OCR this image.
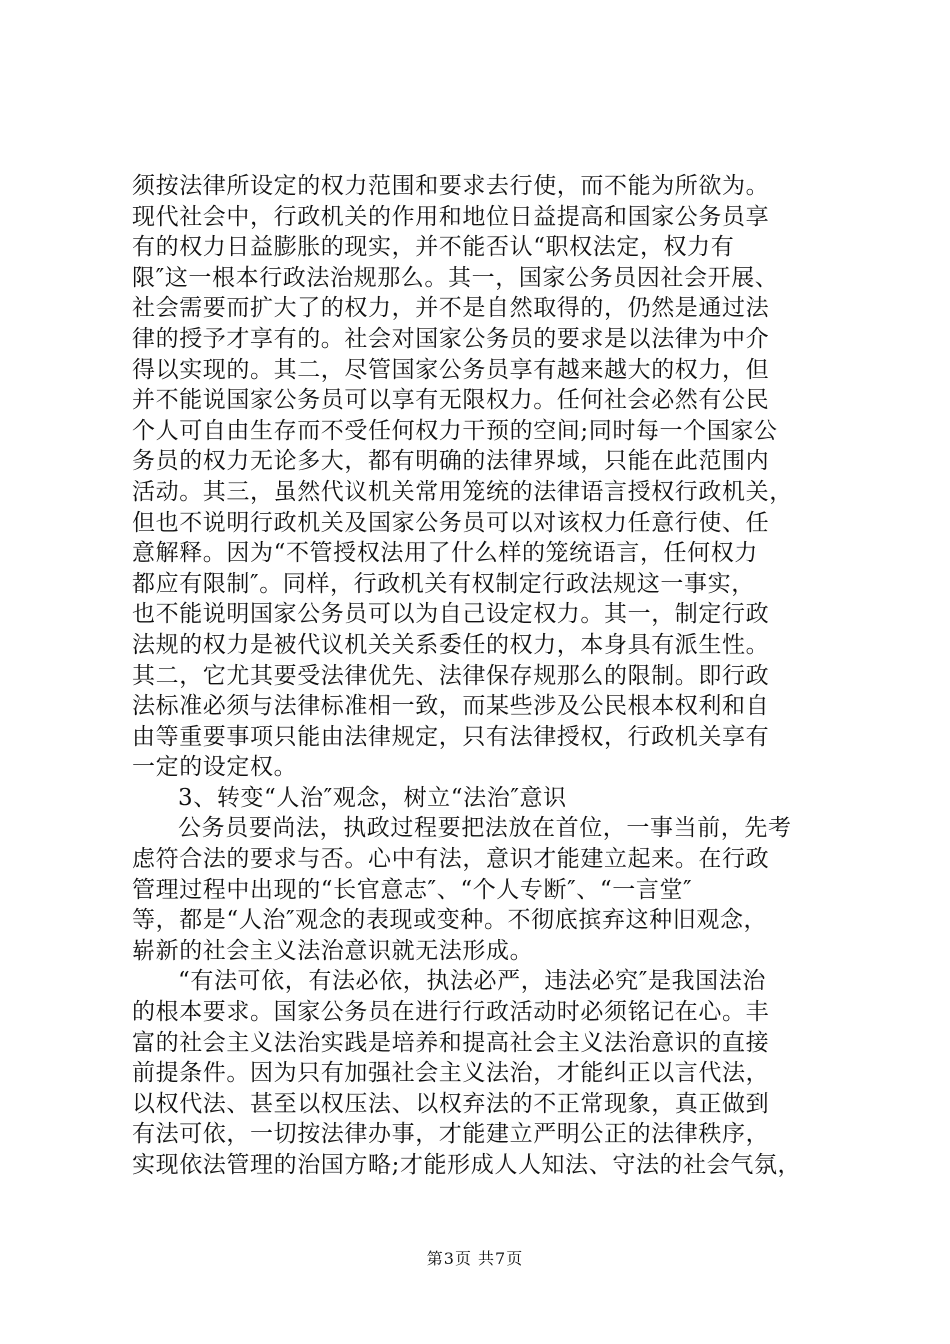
须按法律所设定的权力范围和要求去行使，而不能为所欲为。
现代社会中，行政机关的作用和地位日益提高和国家公务员享
有的权力日益膨胀的现实，并不能否认“职权法定，权力有
限″这一根本行政法治规那么。其一，国家公务员因社会开展、
社会需要而扩大了的权力，并不是自然取得的，仍然是通过法
律的授予才享有的。社会对国家公务员的要求是以法律为中介
得以实现的。其二，尽管国家公务员享有越来越大的权力，但
并不能说国家公务员可以享有无限权力。任何社会必然有公民
个人可自由生存而不受任何权力干预的空间;同时每一个国家公
务员的权力无论多大，都有明确的法律界域，只能在此范围内
活动。其三，虽然代议机关常用笼统的法律语言授权行政机关，
但也不说明行政机关及国家公务员可以对该权力任意行使、任
意解释。因为“不管授权法用了什么样的笼统语言，任何权力
都应有限制″。同样，行政机关有权制定行政法规这一事实，
也不能说明国家公务员可以为自己设定权力。其一，制定行政
法规的权力是被代议机关关系委任的权力，本身具有派生性。
其二，它尤其要受法律优先、法律保存规那么的限制。即行政
法标准必须与法律标准相一致，而某些涉及公民根本权利和自
由等重要事项只能由法律规定，只有法律授权，行政机关享有
一定的设定权。
3、转变“人治″观念，树立“法治″意识
公务员要尚法，执政过程要把法放在首位，一事当前，先考
虑符合法的要求与否。心中有法，意识才能建立起来。在行政
管理过程中出现的“长官意志″、“个人专断″、“一言堂″
等，都是“人治″观念的表现或变种。不彻底摈弃这种旧观念，
崭新的社会主义法治意识就无法形成。
“有法可依，有法必依，执法必严，违法必究″是我国法治
的根本要求。国家公务员在进行行政活动时必须铭记在心。丰
富的社会主义法治实践是培养和提高社会主义法治意识的直接
前提条件。因为只有加强社会主义法治，才能纠正以言代法，
以权代法、甚至以权压法、以权弃法的不正常现象，真正做到
有法可依，一切按法律办事，才能建立严明公正的法律秩序，
实现依法管理的治国方略;才能形成人人知法、守法的社会气氛，
第3页 共7页
